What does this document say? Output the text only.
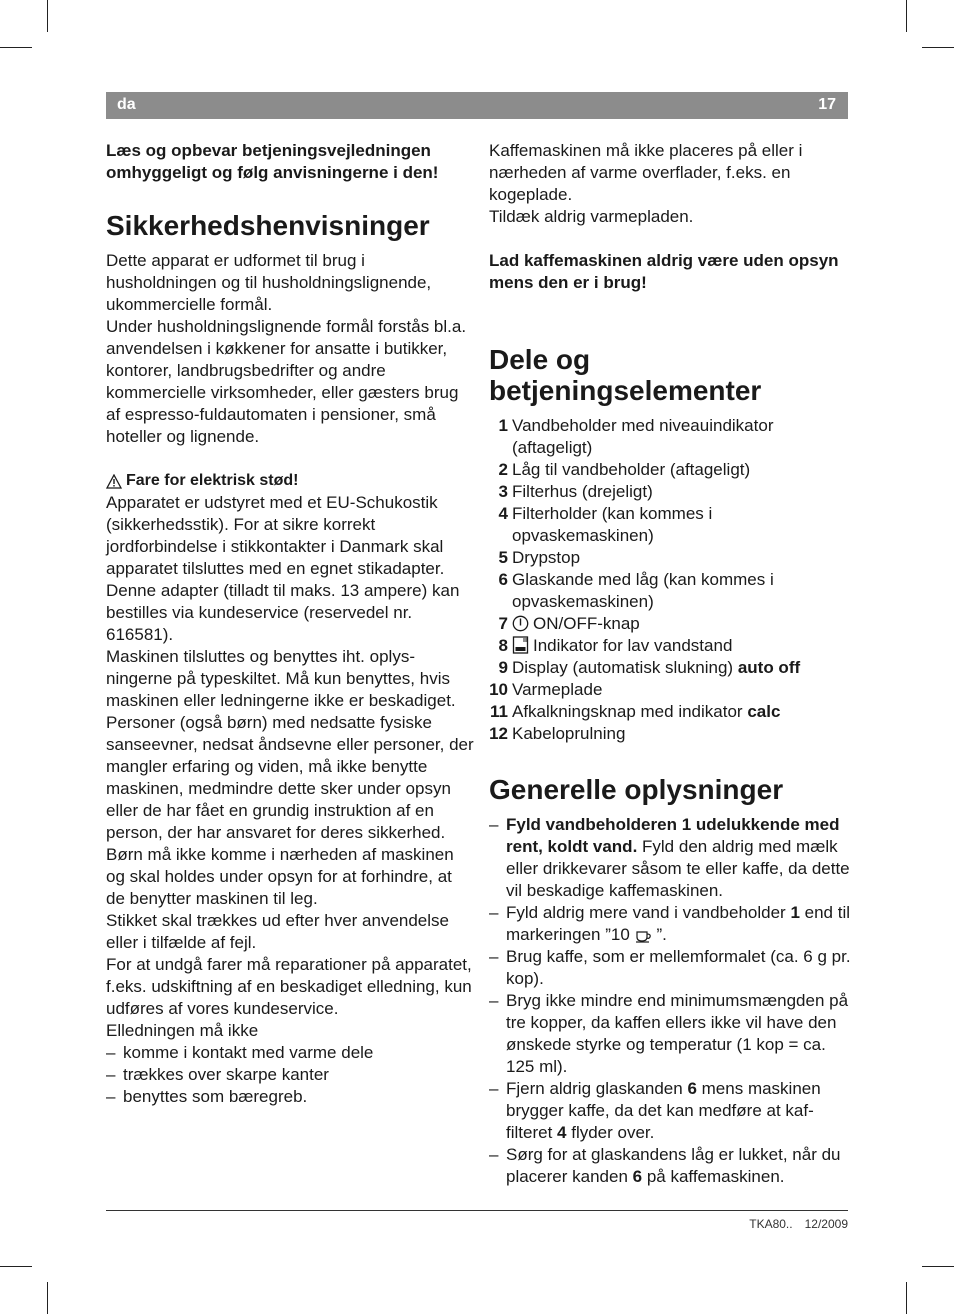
da	17

Læs og opbevar betjeningsvejledningen omhyggeligt og følg anvisningerne i den!

Sikkerhedshenvisninger

Dette apparat er udformet til brug i husholdningen og til husholdningslignende, ukommercielle formål.

Under husholdningslignende formål forstås bl.a. anvendelsen i køkkener for ansatte i butikker, kontorer, landbrugsbedrifter og andre kommercielle virksomheder, eller gæsters brug af espresso-fuldautomaten i pensioner, små hoteller og lignende.

Fare for elektrisk stød!

Apparatet er udstyret med et EU-Schukostik (sikkerhedsstik). For at sikre korrekt jordforbindelse i stikkontakter i Danmark skal apparatet tilsluttes med en egnet stikadapter. Denne adapter (tilladt til maks. 13 ampere) kan bestilles via kundeservice (reservedel nr. 616581).

Maskinen tilsluttes og benyttes iht. oplysningerne på typeskiltet. Må kun benyttes, hvis maskinen eller ledningerne ikke er beskadiget.

Personer (også børn) med nedsatte fysiske sanseevner, nedsat åndsevne eller personer, der mangler erfaring og viden, må ikke benytte maskinen, medmindre dette sker under opsyn eller de har fået en grundig instruktion af en person, der har ansvaret for deres sikkerhed.

Børn må ikke komme i nærheden af maskinen og skal holdes under opsyn for at forhindre, at de benytter maskinen til leg.

Stikket skal trækkes ud efter hver anvendelse eller i tilfælde af fejl.

For at undgå farer må reparationer på apparatet, f.eks. udskiftning af en beskadiget elledning, kun udføres af vores kundeservice.

Elledningen må ikke

– komme i kontakt med varme dele
– trækkes over skarpe kanter
– benyttes som bæregreb.

Kaffemaskinen må ikke placeres på eller i nærheden af varme overflader, f.eks. en kogeplade.

Tildæk aldrig varmepladen.

Lad kaffemaskinen aldrig være uden opsyn mens den er i brug!

Dele og betjeningselementer
1 Vandbeholder med niveauindikator (aftageligt)
2 Låg til vandbeholder (aftageligt)
3 Filterhus (drejeligt)
4 Filterholder (kan kommes i opvaskemaskinen)
5 Drypstop
6 Glaskande med låg (kan kommes i opvaskemaskinen)
7 ON/OFF-knap
8 Indikator for lav vandstand
9 Display (automatisk slukning) auto off
10 Varmeplade
11 Afkalkningsknap med indikator calc
12 Kabeloprulning
Generelle oplysninger
– Fyld vandbeholderen 1 udelukkende med rent, koldt vand. Fyld den aldrig med mælk eller drikkevarer såsom te eller kaffe, da dette vil beskadige kaffemaskinen.
– Fyld aldrig mere vand i vandbeholder 1 end til markeringen ”10 ”.
– Brug kaffe, som er mellemformalet (ca. 6 g pr. kop).
– Bryg ikke mindre end minimumsmængden på tre kopper, da kaffen ellers ikke vil have den ønskede styrke og temperatur (1 kop = ca. 125 ml).
– Fjern aldrig glaskanden 6 mens maskinen brygger kaffe, da det kan medføre at kaffilteret 4 flyder over.
– Sørg for at glaskandens låg er lukket, når du placerer kanden 6 på kaffemaskinen.
TKA80.. 12/2009
